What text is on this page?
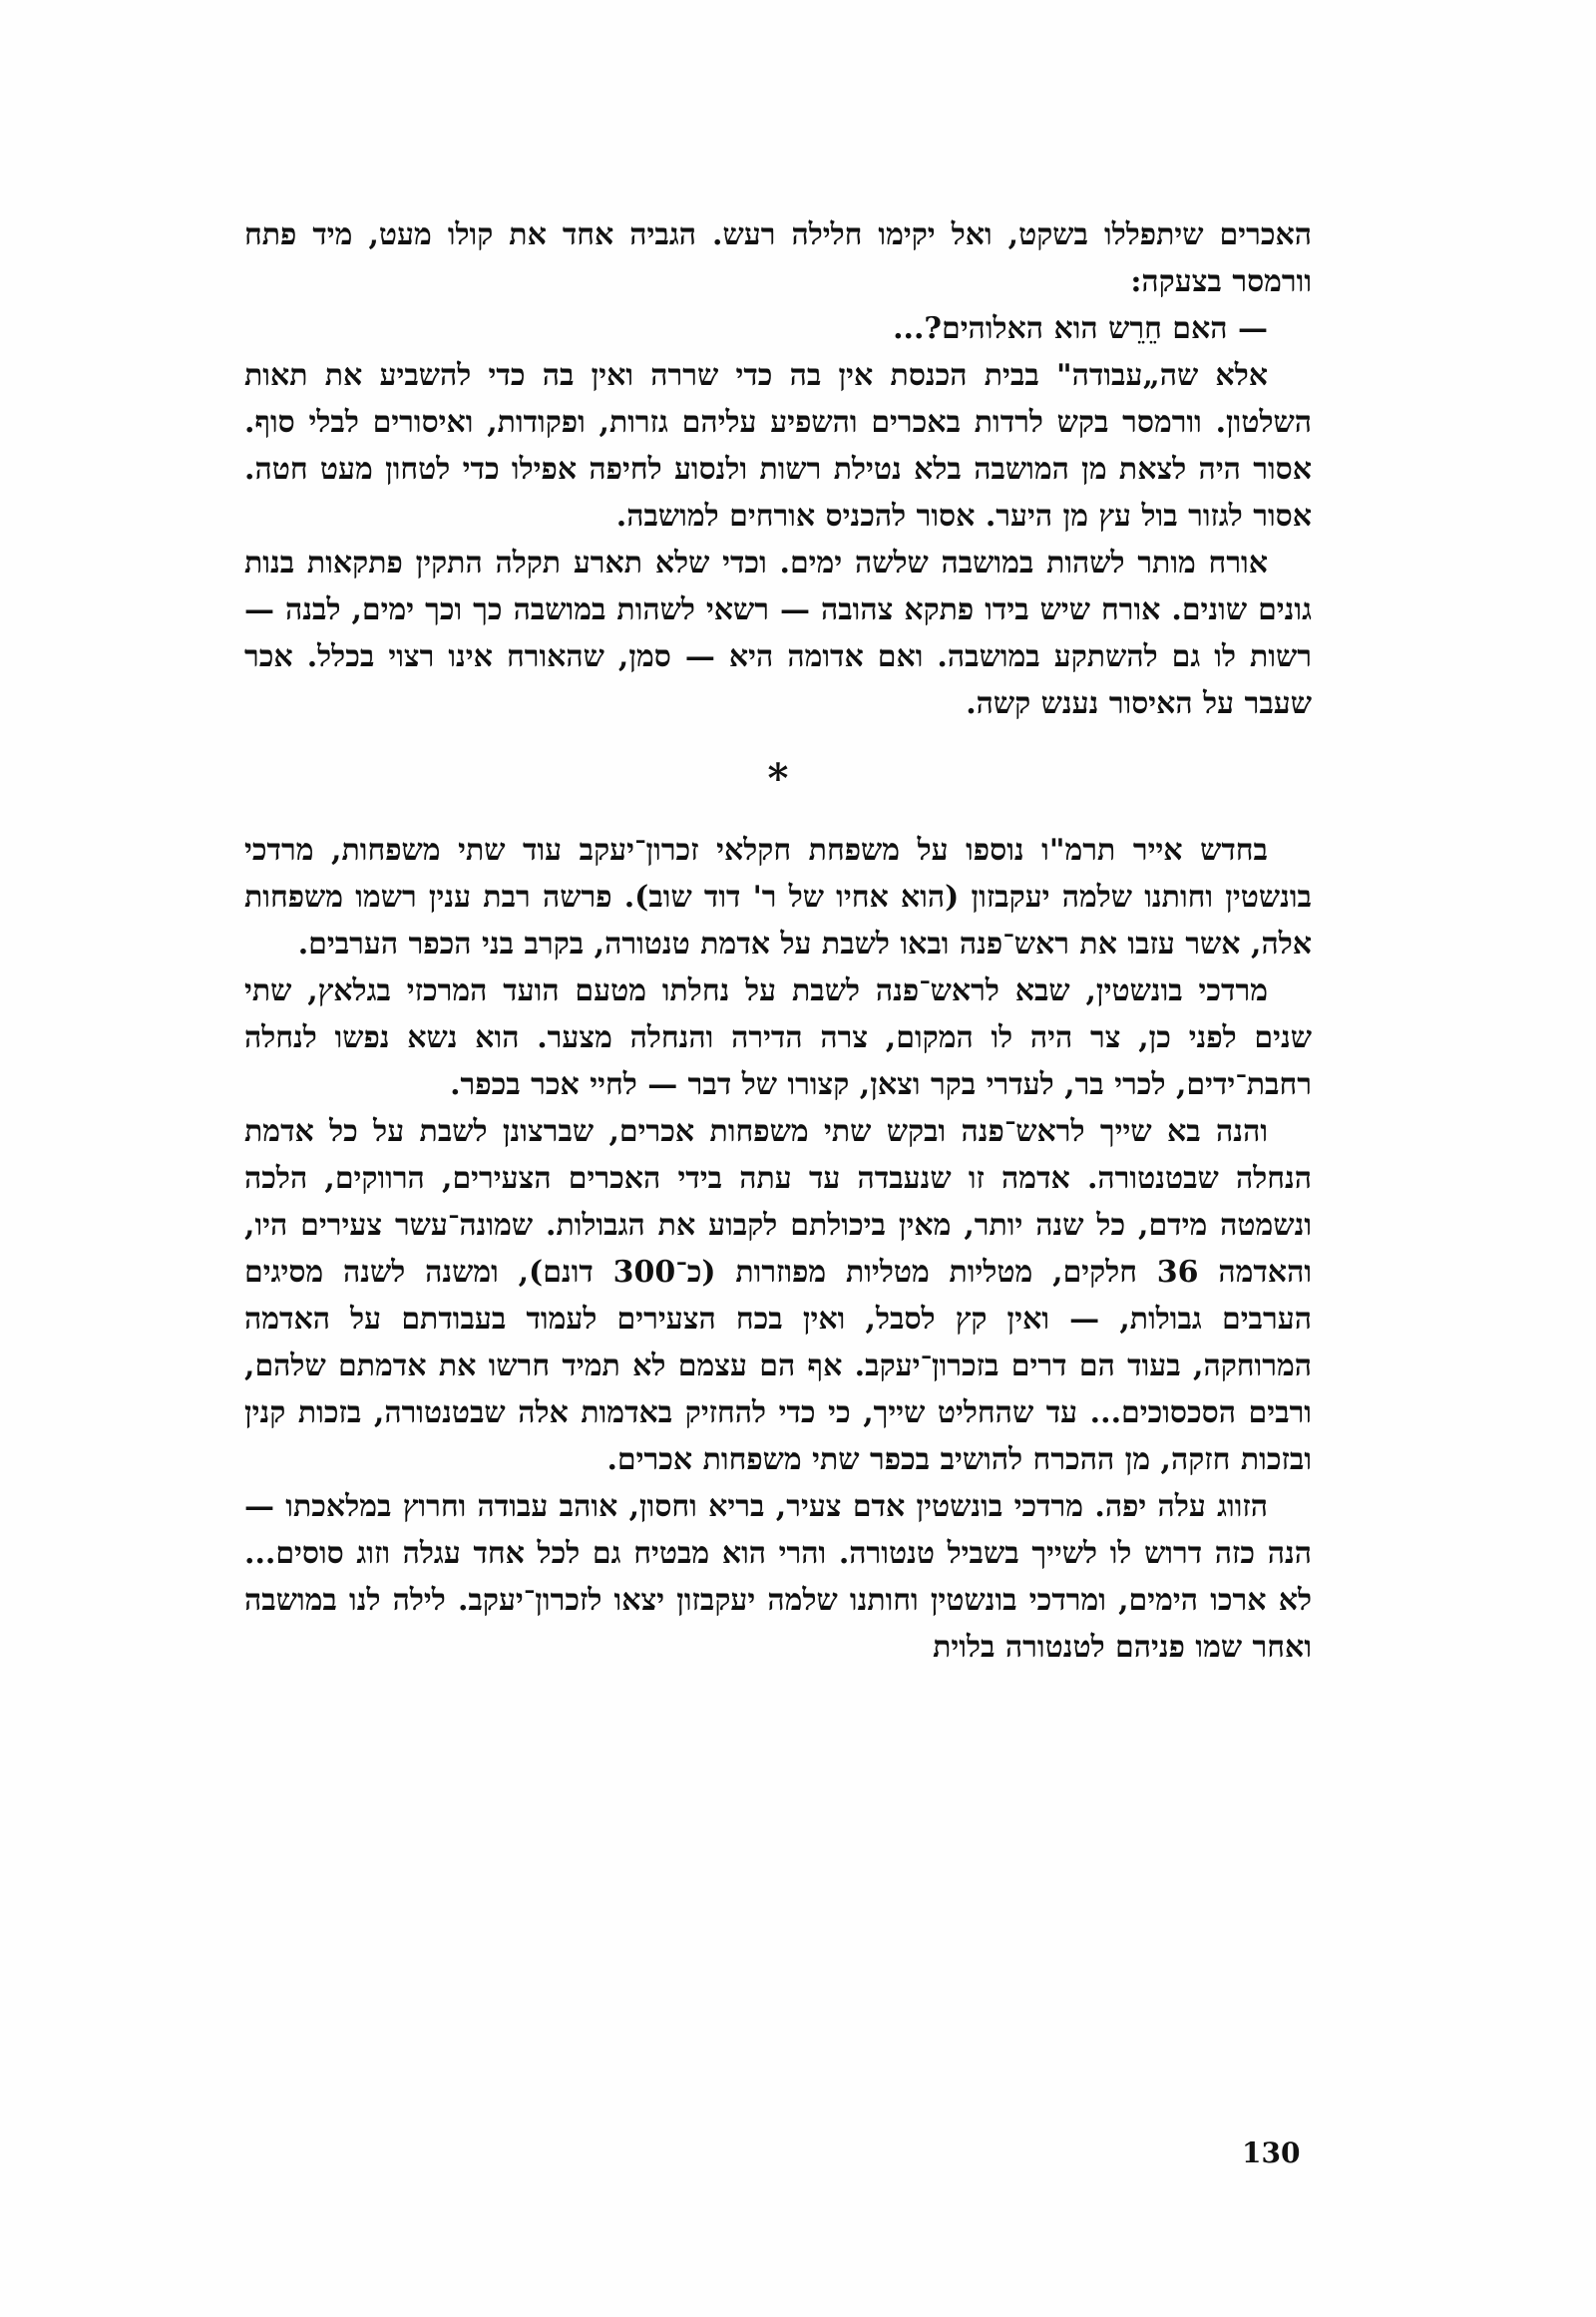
האכרים שיתפללו בשקט, ואל יקימו חלילה רעש. הגביה אחד את קולו מעט, מיד פתח וורמסר בצעקה:

— האם חֵרֵש הוא האלוהים?...

אלא שה„עבודה" בבית הכנסת אין בה כדי שררה ואין בה כדי להשביע את תאות השלטון. וורמסר בקש לרדות באכרים והשפיע עליהם גזרות, ופקודות, ואיסורים לבלי סוף. אסור היה לצאת מן המושבה בלא נטילת רשות ולנסוע לחיפה אפילו כדי לטחון מעט חטה. אסור לגזור בול עץ מן היער. אסור להכניס אורחים למושבה.

אורח מותר לשהות במושבה שלשה ימים. וכדי שלא תארע תקלה התקין פתקאות בנות גונים שונים. אורח שיש בידו פתקא צהובה — רשאי לשהות במושבה כך וכך ימים, לבנה — רשות לו גם להשתקע במושבה. ואם אדומה היא — סמן, שהאורח אינו רצוי בכלל. אכר שעבר על האיסור נענש קשה.

*

בחדש אייר תרמ"ו נוספו על משפחת חקלאי זכרון־יעקב עוד שתי משפחות, מרדכי בונשטין וחותנו שלמה יעקבזון (הוא אחיו של ר' דוד שוב). פרשה רבת ענין רשמו משפחות אלה, אשר עזבו את ראש־פנה ובאו לשבת על אדמת טנטורה, בקרב בני הכפר הערבים.

מרדכי בונשטין, שבא לראש־פנה לשבת על נחלתו מטעם הועד המרכזי בגלאץ, שתי שנים לפני כן, צר היה לו המקום, צרה הדירה והנחלה מצער. הוא נשא נפשו לנחלה רחבת־ידים, לכרי בר, לעדרי בקר וצאן, קצורו של דבר — לחיי אכר בכפר.

והנה בא שייך לראש־פנה ובקש שתי משפחות אכרים, שברצונן לשבת על כל אדמת הנחלה שבטנטורה. אדמה זו שנעבדה עד עתה בידי האכרים הצעירים, הרווקים, הלכה ונשמטה מידם, כל שנה יותר, מאין ביכולתם לקבוע את הגבולות. שמונה־עשר צעירים היו, והאדמה 36 חלקים, מטליות מטליות מפוזרות (כ־300 דונם), ומשנה לשנה מסיגים הערבים גבולות, — ואין קץ לסבל, ואין בכח הצעירים לעמוד בעבודתם על האדמה המרוחקה, בעוד הם דרים בזכרון־יעקב. אף הם עצמם לא תמיד חרשו את אדמתם שלהם, ורבים הסכסוכים... עד שהחליט שייך, כי כדי להחזיק באדמות אלה שבטנטורה, בזכות קנין ובזכות חזקה, מן ההכרח להושיב בכפר שתי משפחות אכרים.

הזווג עלה יפה. מרדכי בונשטין אדם צעיר, בריא וחסון, אוהב עבודה וחרוץ במלאכתו — הנה כזה דרוש לו לשייך בשביל טנטורה. והרי הוא מבטיח גם לכל אחד עגלה וזוג סוסים... לא ארכו הימים, ומרדכי בונשטין וחותנו שלמה יעקבזון יצאו לזכרון־יעקב. לילה לנו במושבה ואחר שמו פניהם לטנטורה בלוית

130
